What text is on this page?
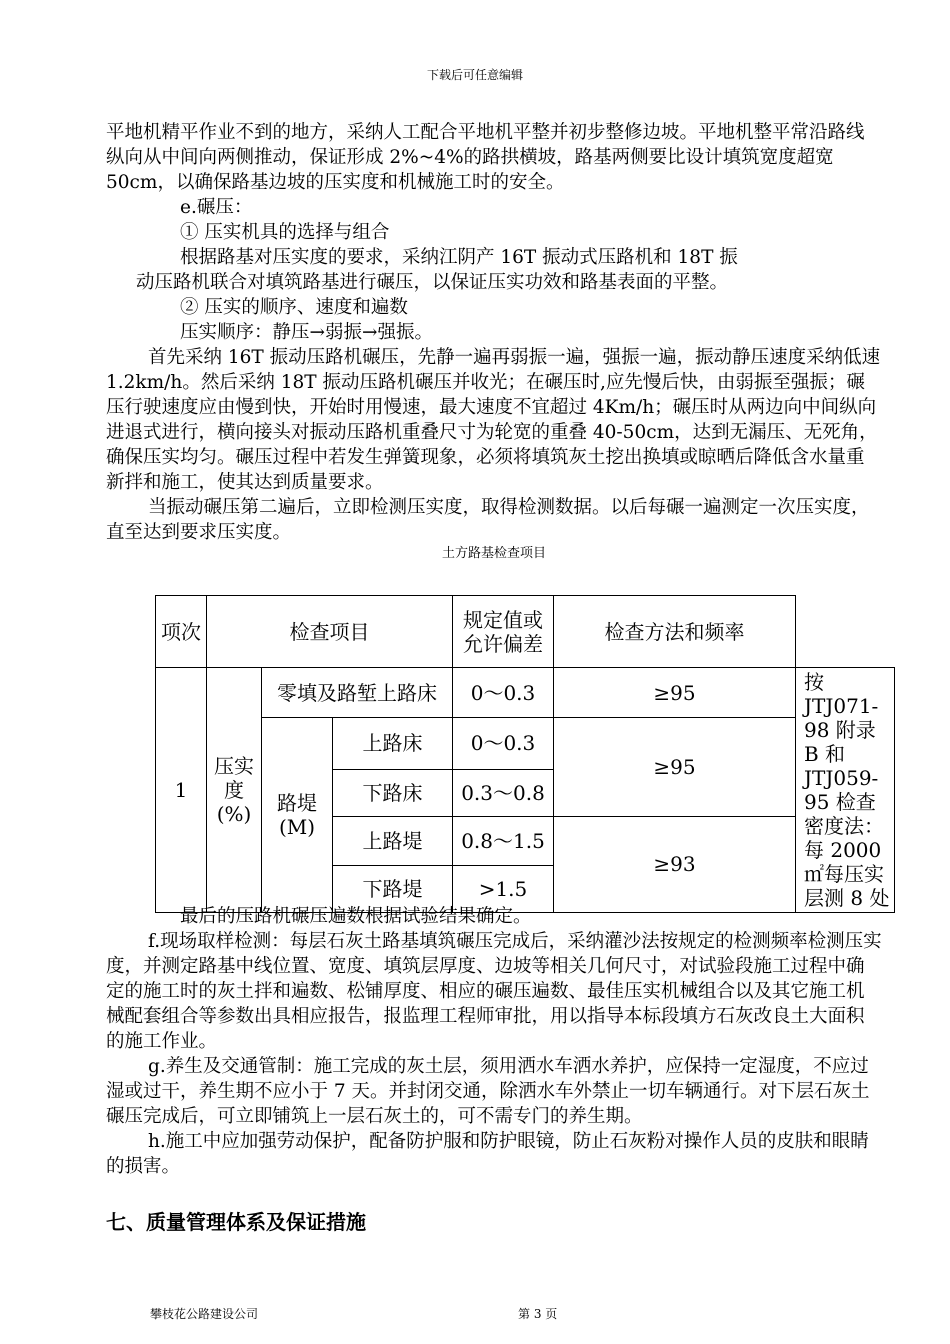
下载后可任意编辑

平地机精平作业不到的地方，采纳人工配合平地机平整并初步整修边坡。平地机整平常沿路线纵向从中间向两侧推动，保证形成 2%~4%的路拱横坡，路基两侧要比设计填筑宽度超宽 50cm，以确保路基边坡的压实度和机械施工时的安全。

e.碾压：

① 压实机具的选择与组合

根据路基对压实度的要求，采纳江阴产 16T 振动式压路机和 18T 振

动压路机联合对填筑路基进行碾压，以保证压实功效和路基表面的平整。

② 压实的顺序、速度和遍数

压实顺序：静压→弱振→强振。

首先采纳 16T 振动压路机碾压，先静一遍再弱振一遍，强振一遍，振动静压速度采纳低速 1.2km/h。然后采纳 18T 振动压路机碾压并收光；在碾压时,应先慢后快，由弱振至强振；碾压行驶速度应由慢到快，开始时用慢速，最大速度不宜超过 4Km/h；碾压时从两边向中间纵向进退式进行，横向接头对振动压路机重叠尺寸为轮宽的重叠 40-50cm，达到无漏压、无死角，确保压实均匀。碾压过程中若发生弹簧现象，必须将填筑灰土挖出换填或晾晒后降低含水量重新拌和施工，使其达到质量要求。

当振动碾压第二遍后，立即检测压实度，取得检测数据。以后每碾一遍测定一次压实度，直至达到要求压实度。

土方路基检查项目

项次	检查项目			规定值或允许偏差	检查方法和频率	
1	压实度(%)	零填及路堑上路床		0～0.3	≥95	按 JTJ071-98 附录 B 和 JTJ059-95 检查密度法：每 2000㎡每压实层测 8 处
		路堤(M)	上路床	0～0.3	≥95	
			下路床	0.3～0.8		
			上路堤	0.8～1.5	≥93	
			下路堤	>1.5		

最后的压路机碾压遍数根据试验结果确定。

f.现场取样检测：每层石灰土路基填筑碾压完成后，采纳灌沙法按规定的检测频率检测压实度，并测定路基中线位置、宽度、填筑层厚度、边坡等相关几何尺寸，对试验段施工过程中确定的施工时的灰土拌和遍数、松铺厚度、相应的碾压遍数、最佳压实机械组合以及其它施工机械配套组合等参数出具相应报告，报监理工程师审批，用以指导本标段填方石灰改良土大面积的施工作业。

g.养生及交通管制：施工完成的灰土层，须用洒水车洒水养护，应保持一定湿度，不应过湿或过干，养生期不应小于 7 天。并封闭交通，除洒水车外禁止一切车辆通行。对下层石灰土碾压完成后，可立即铺筑上一层石灰土的，可不需专门的养生期。

h.施工中应加强劳动保护，配备防护服和防护眼镜，防止石灰粉对操作人员的皮肤和眼睛的损害。

七、质量管理体系及保证措施
攀枝花公路建设公司	第 3 页
